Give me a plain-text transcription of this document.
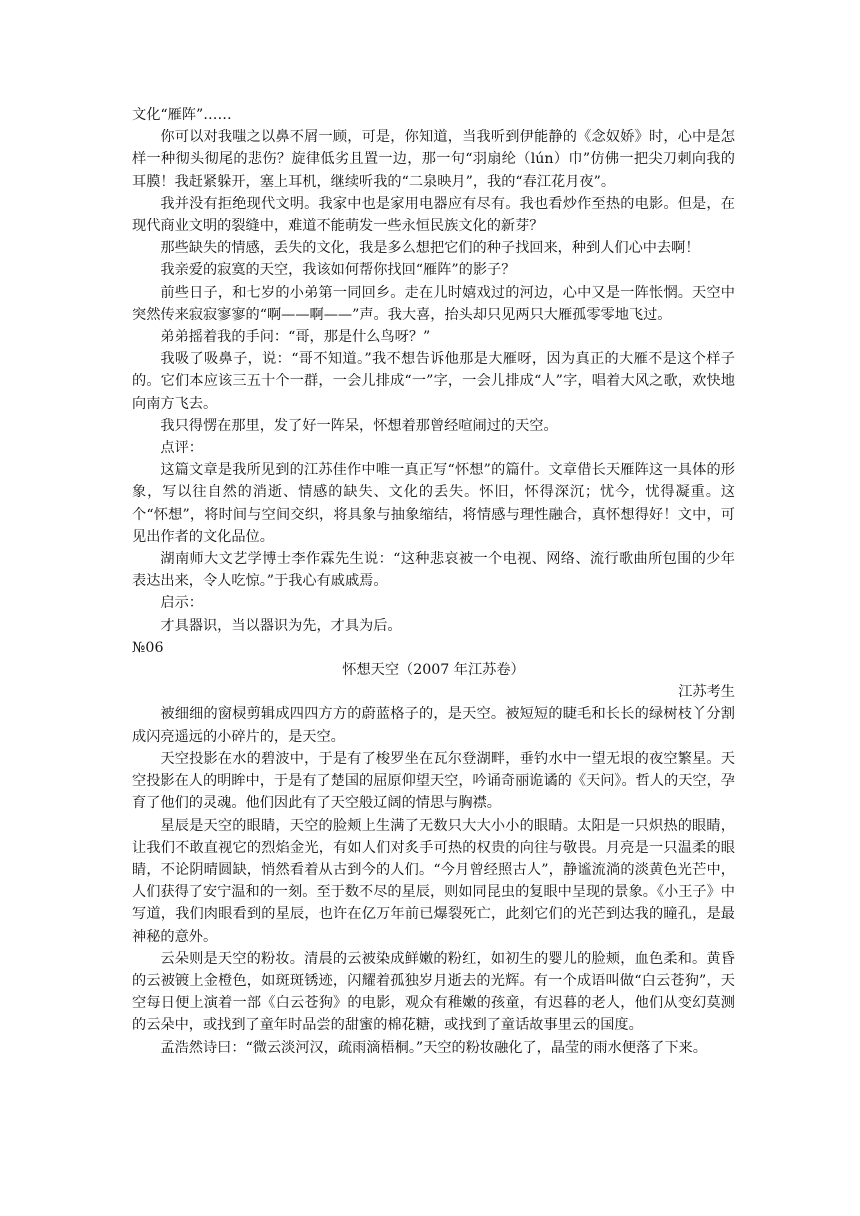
文化“雁阵”……

你可以对我嗤之以鼻不屑一顾，可是，你知道，当我听到伊能静的《念奴娇》时，心中是怎样一种彻头彻尾的悲伤？旋律低劣且置一边，那一句“羽扇纶（lún）巾”仿佛一把尖刀刺向我的耳膜！我赶紧躲开，塞上耳机，继续听我的“二泉映月”，我的“春江花月夜”。

我并没有拒绝现代文明。我家中也是家用电器应有尽有。我也看炒作至热的电影。但是，在现代商业文明的裂缝中，难道不能萌发一些永恒民族文化的新芽？

那些缺失的情感，丢失的文化，我是多么想把它们的种子找回来，种到人们心中去啊！

我亲爱的寂寞的天空，我该如何帮你找回“雁阵”的影子？

前些日子，和七岁的小弟第一同回乡。走在儿时嬉戏过的河边，心中又是一阵怅惘。天空中突然传来寂寂寥寥的“啊——啊——”声。我大喜，抬头却只见两只大雁孤零零地飞过。

弟弟摇着我的手问：“哥，那是什么鸟呀？”

我吸了吸鼻子，说：“哥不知道。”我不想告诉他那是大雁呀，因为真正的大雁不是这个样子的。它们本应该三五十个一群，一会儿排成“一”字，一会儿排成“人”字，唱着大风之歌，欢快地向南方飞去。

我只得愣在那里，发了好一阵呆，怀想着那曾经喧闹过的天空。

点评：

这篇文章是我所见到的江苏佳作中唯一真正写“怀想”的篇什。文章借长天雁阵这一具体的形象，写以往自然的消逝、情感的缺失、文化的丢失。怀旧，怀得深沉；忧今，忧得凝重。这个“怀想”，将时间与空间交织，将具象与抽象缩结，将情感与理性融合，真怀想得好！文中，可见出作者的文化品位。

湖南师大文艺学博士李作霖先生说：“这种悲哀被一个电视、网络、流行歌曲所包围的少年表达出来，令人吃惊。”于我心有戚戚焉。

启示：

才具器识，当以器识为先，才具为后。

№06

怀想天空（2007 年江苏卷）

江苏考生

被细细的窗棂剪辑成四四方方的蔚蓝格子的，是天空。被短短的睫毛和长长的绿树枝丫分割成闪亮遥远的小碎片的，是天空。

天空投影在水的碧波中，于是有了梭罗坐在瓦尔登湖畔，垂钓水中一望无垠的夜空繁星。天空投影在人的明眸中，于是有了楚国的屈原仰望天空，吟诵奇丽诡谲的《天问》。哲人的天空，孕育了他们的灵魂。他们因此有了天空般辽阔的情思与胸襟。

星辰是天空的眼睛，天空的脸颊上生满了无数只大大小小的眼睛。太阳是一只炽热的眼睛，让我们不敢直视它的烈焰金光，有如人们对炙手可热的权贵的向往与敬畏。月亮是一只温柔的眼睛，不论阴晴圆缺，悄然看着从古到今的人们。“今月曾经照古人”，静谧流淌的淡黄色光芒中，人们获得了安宁温和的一刻。至于数不尽的星辰，则如同昆虫的复眼中呈现的景象。《小王子》中写道，我们肉眼看到的星辰，也许在亿万年前已爆裂死亡，此刻它们的光芒到达我的瞳孔，是最神秘的意外。

云朵则是天空的粉妆。清晨的云被染成鲜嫩的粉红，如初生的婴儿的脸颊，血色柔和。黄昏的云被镀上金橙色，如斑斑锈迹，闪耀着孤独岁月逝去的光辉。有一个成语叫做“白云苍狗”，天空每日便上演着一部《白云苍狗》的电影，观众有稚嫩的孩童，有迟暮的老人，他们从变幻莫测的云朵中，或找到了童年时品尝的甜蜜的棉花糖，或找到了童话故事里云的国度。

孟浩然诗曰：“微云淡河汉，疏雨滴梧桐。”天空的粉妆融化了，晶莹的雨水便落了下来。
